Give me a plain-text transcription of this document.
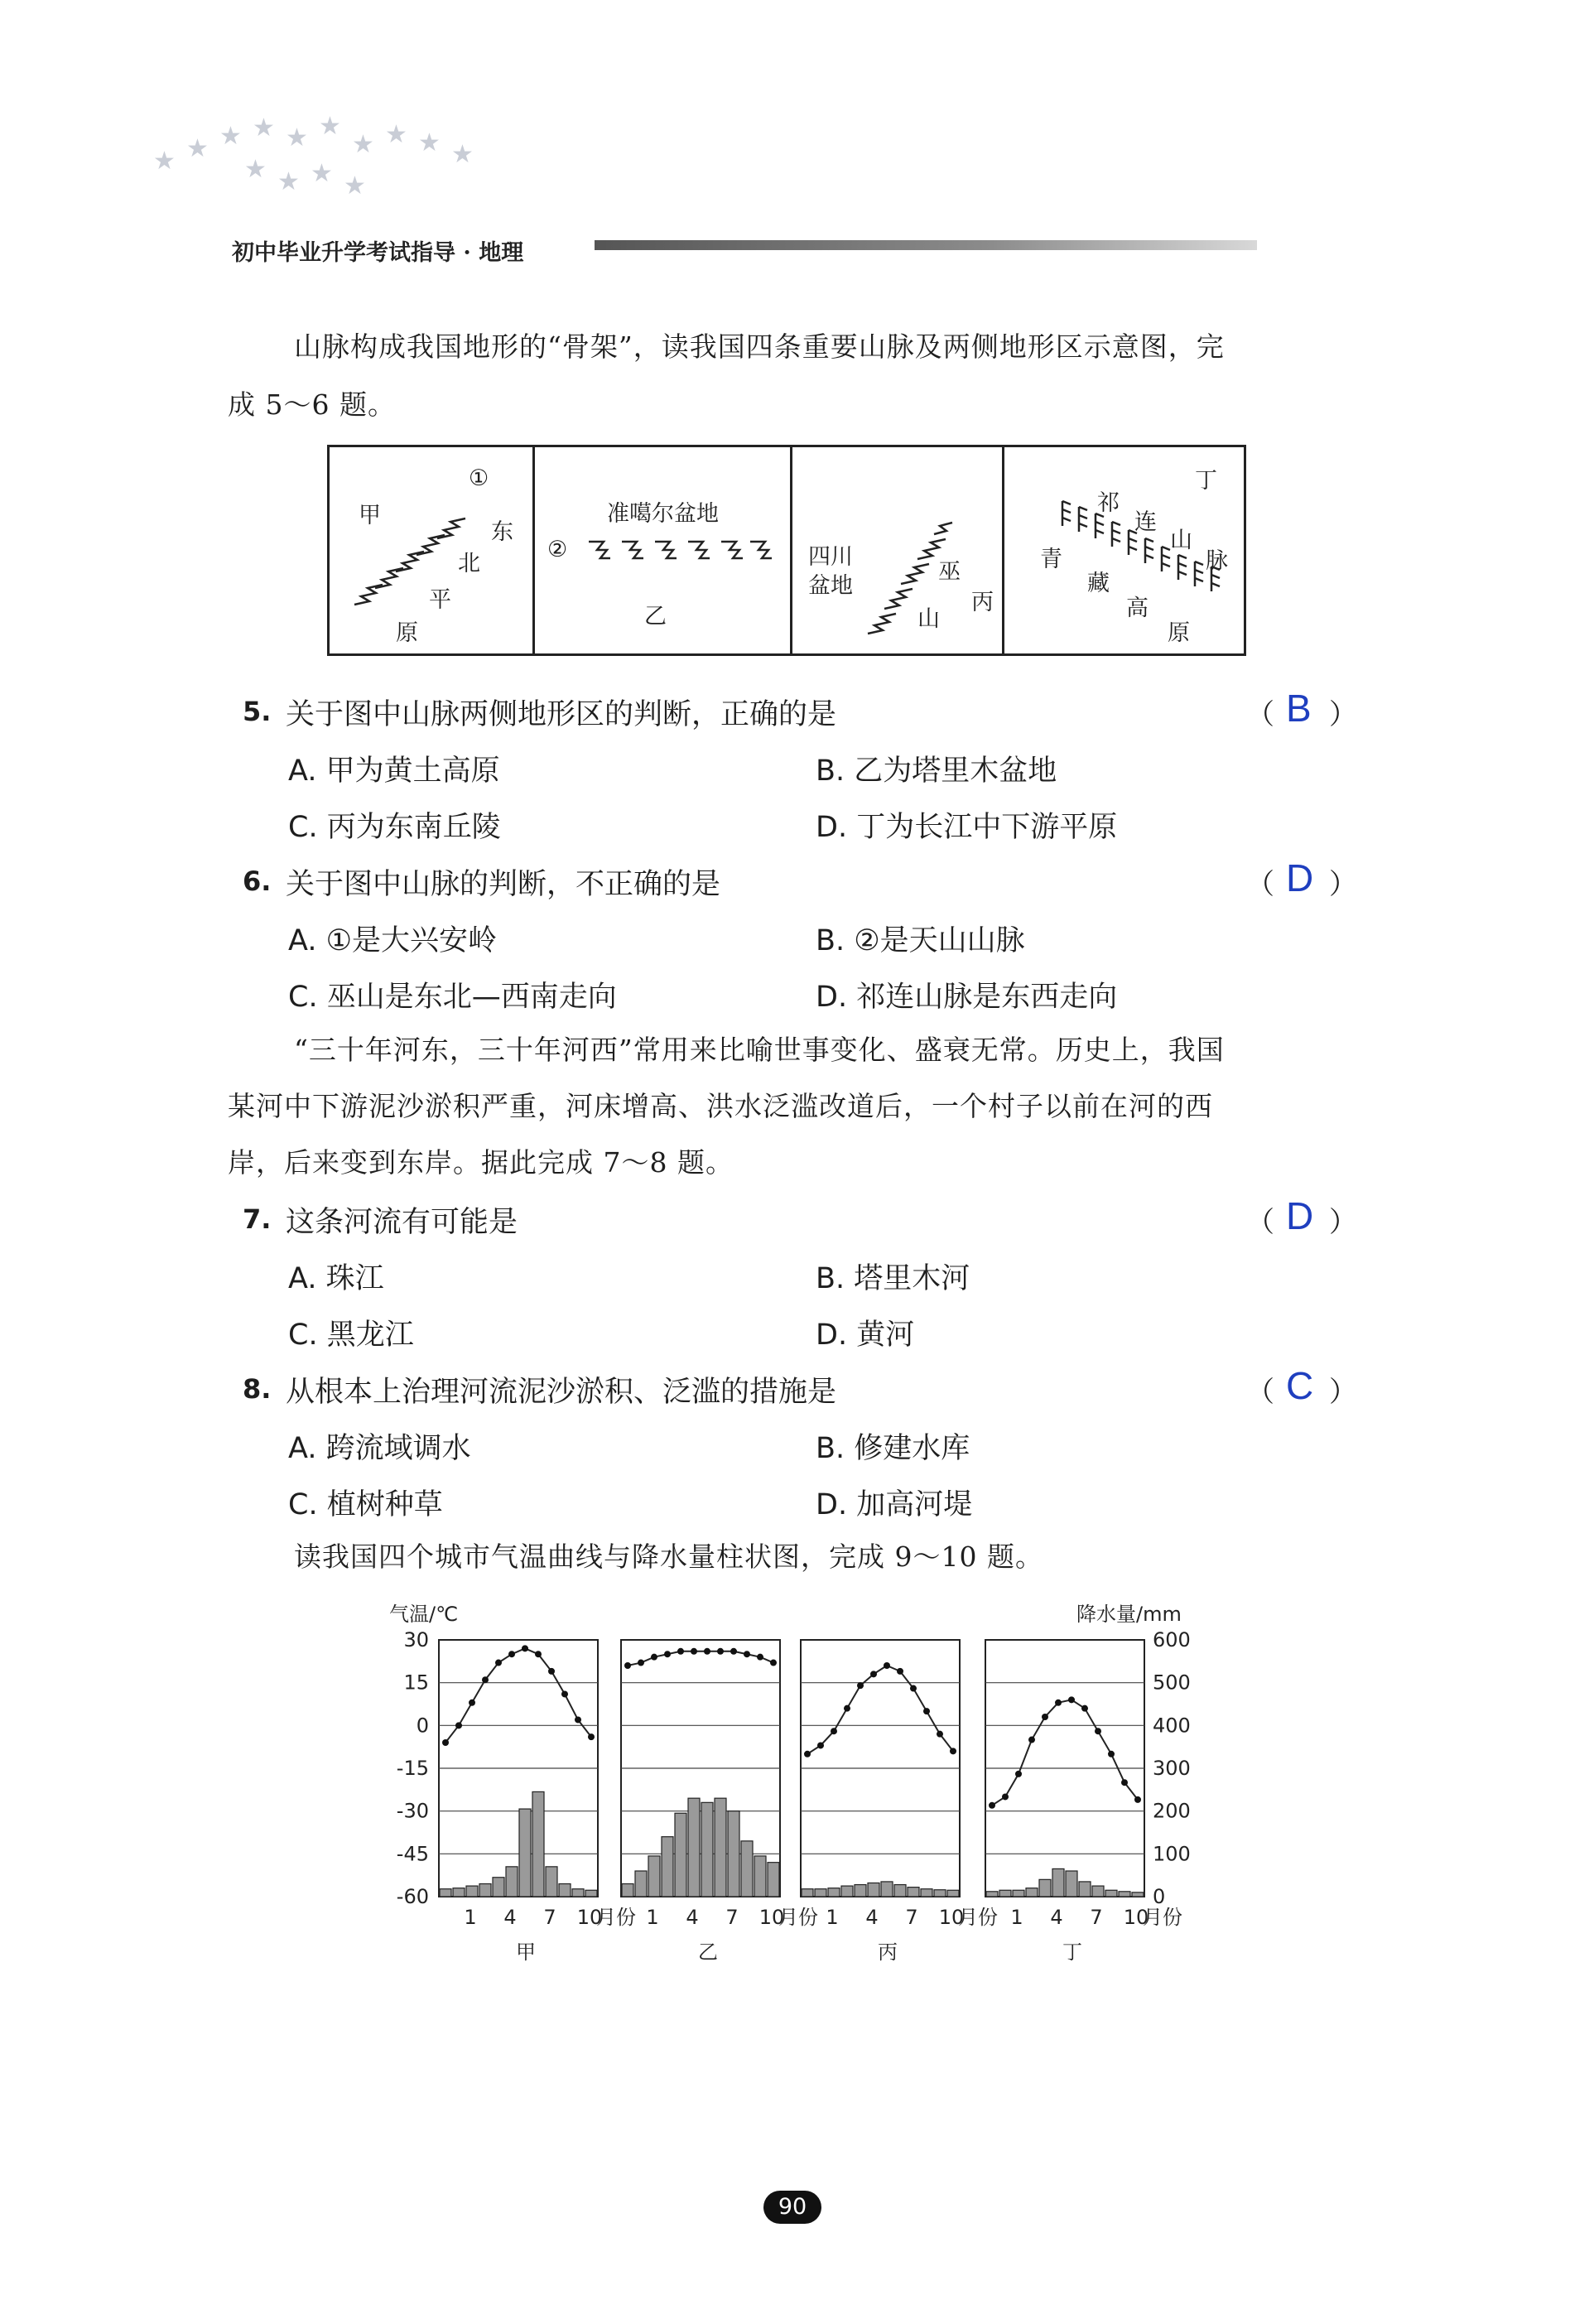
★ ★ ★ ★ ★ ★
★ ★ ★ ★
★ ★ ★ ★
初中毕业升学考试指导 · 地理
山脉构成我国地形的“骨架”，读我国四条重要山脉及两侧地形区示意图，完
成 5～6 题。
①
甲
东
北
平
原
准噶尔盆地
②
乙
四川
盆地
巫
山
丙
丁
祁
连
山
脉
青
藏
高
原
5. 关于图中山脉两侧地形区的判断，正确的是	（ B ）
A. 甲为黄土高原	B. 乙为塔里木盆地
C. 丙为东南丘陵	D. 丁为长江中下游平原
6. 关于图中山脉的判断，不正确的是	（ D ）
A. ①是大兴安岭	B. ②是天山山脉
C. 巫山是东北—西南走向	D. 祁连山脉是东西走向
“三十年河东，三十年河西”常用来比喻世事变化、盛衰无常。历史上，我国
某河中下游泥沙淤积严重，河床增高、洪水泛滥改道后，一个村子以前在河的西
岸，后来变到东岸。据此完成 7～8 题。
7. 这条河流有可能是	（ D ）
A. 珠江	B. 塔里木河
C. 黑龙江	D. 黄河
8. 从根本上治理河流泥沙淤积、泛滥的措施是	（ C ）
A. 跨流域调水	B. 修建水库
C. 植树种草	D. 加高河堤
读我国四个城市气温曲线与降水量柱状图，完成 9～10 题。
气温/℃	降水量/mm
30
15
0
-15
-30
-45
-60
600
500
400
300
200
100
0
1 4 7 10
月份
甲
1 4 7 10
月份
乙
1 4 7 10
月份
丙
1 4 7 10
月份
丁
90
